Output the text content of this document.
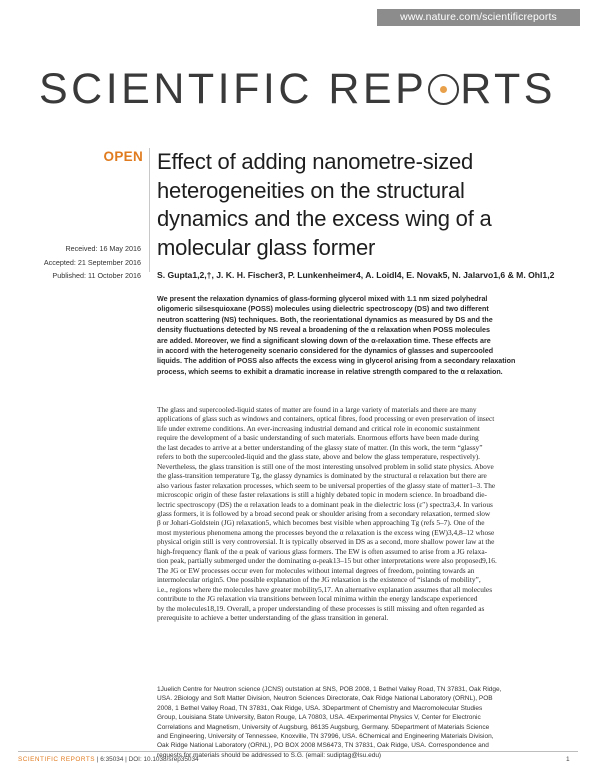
www.nature.com/scientificreports
SCIENTIFIC REP RTS
OPEN Effect of adding nanometre-sized
heterogeneities on the structural
dynamics and the excess wing of a
molecular glass former
Received: 16 May 2016
Accepted: 21 September 2016
Published: 11 October 2016 S. Gupta1,2,†, J. K. H. Fischer3, P. Lunkenheimer4, A. Loidl4, E. Novak5, N. Jalarvo1,6 & M. Ohl1,2
We present the relaxation dynamics of glass-forming glycerol mixed with 1.1 nm sized polyhedral
oligomeric silsesquioxane (POSS) molecules using dielectric spectroscopy (DS) and two different
neutron scattering (NS) techniques. Both, the reorientational dynamics as measured by DS and the
density fluctuations detected by NS reveal a broadening of the α relaxation when POSS molecules
are added. Moreover, we find a significant slowing down of the α-relaxation time. These effects are
in accord with the heterogeneity scenario considered for the dynamics of glasses and supercooled
liquids. The addition of POSS also affects the excess wing in glycerol arising from a secondary relaxation
process, which seems to exhibit a dramatic increase in relative strength compared to the α relaxation.
The glass and supercooled-liquid states of matter are found in a large variety of materials and there are many
applications of glass such as windows and containers, optical fibres, food processing or even preservation of insect
life under extreme conditions. An ever-increasing industrial demand and critical role in economic sustainment
require the development of a basic understanding of such materials. Enormous efforts have been made during
the last decades to arrive at a better understanding of the glassy state of matter. (In this work, the term “glassy”
refers to both the supercooled-liquid and the glass state, above and below the glass temperature, respectively).
Nevertheless, the glass transition is still one of the most interesting unsolved problem in solid state physics. Above
the glass-transition temperature Tg, the glassy dynamics is dominated by the structural α relaxation but there are
also various faster relaxation processes, which seem to be universal properties of the glassy state of matter1–3. The
microscopic origin of these faster relaxations is still a highly debated topic in modern science. In broadband die-
lectric spectroscopy (DS) the α relaxation leads to a dominant peak in the dielectric loss (ε″) spectra3,4. In various
glass formers, it is followed by a broad second peak or shoulder arising from a secondary relaxation, termed slow
β or Johari-Goldstein (JG) relaxation5, which becomes best visible when approaching Tg (refs 5–7). One of the
most mysterious phenomena among the processes beyond the α relaxation is the excess wing (EW)3,4,8–12 whose
physical origin still is very controversial. It is typically observed in DS as a second, more shallow power law at the
high-frequency flank of the α peak of various glass formers. The EW is often assumed to arise from a JG relaxa-
tion peak, partially submerged under the dominating α-peak13–15 but other interpretations were also proposed9,16.
The JG or EW processes occur even for molecules without internal degrees of freedom, pointing towards an
intermolecular origin5. One possible explanation of the JG relaxation is the existence of “islands of mobility”,
i.e., regions where the molecules have greater mobility5,17. An alternative explanation assumes that all molecules
contribute to the JG relaxation via transitions between local minima within the energy landscape experienced
by the molecules18,19. Overall, a proper understanding of these processes is still missing and often regarded as
prerequisite to achieve a better understanding of the glass transition in general.
1Juelich Centre for Neutron science (JCNS) outstation at SNS, POB 2008, 1 Bethel Valley Road, TN 37831, Oak Ridge,
USA. 2Biology and Soft Matter Division, Neutron Sciences Directorate, Oak Ridge National Laboratory (ORNL), POB
2008, 1 Bethel Valley Road, TN 37831, Oak Ridge, USA. 3Department of Chemistry and Macromolecular Studies
Group, Louisiana State University, Baton Rouge, LA 70803, USA. 4Experimental Physics V, Center for Electronic
Correlations and Magnetism, University of Augsburg, 86135 Augsburg, Germany. 5Department of Materials Science
and Engineering, University of Tennessee, Knoxville, TN 37996, USA. 6Chemical and Engineering Materials Division,
Oak Ridge National Laboratory (ORNL), PO BOX 2008 MS6473, TN 37831, Oak Ridge, USA. Correspondence and
requests for materials should be addressed to S.G. (email: sudiptag@lsu.edu)
SCIENTIFIC REPORTS | 6:35034 | DOI: 10.1038/srep35034	1
